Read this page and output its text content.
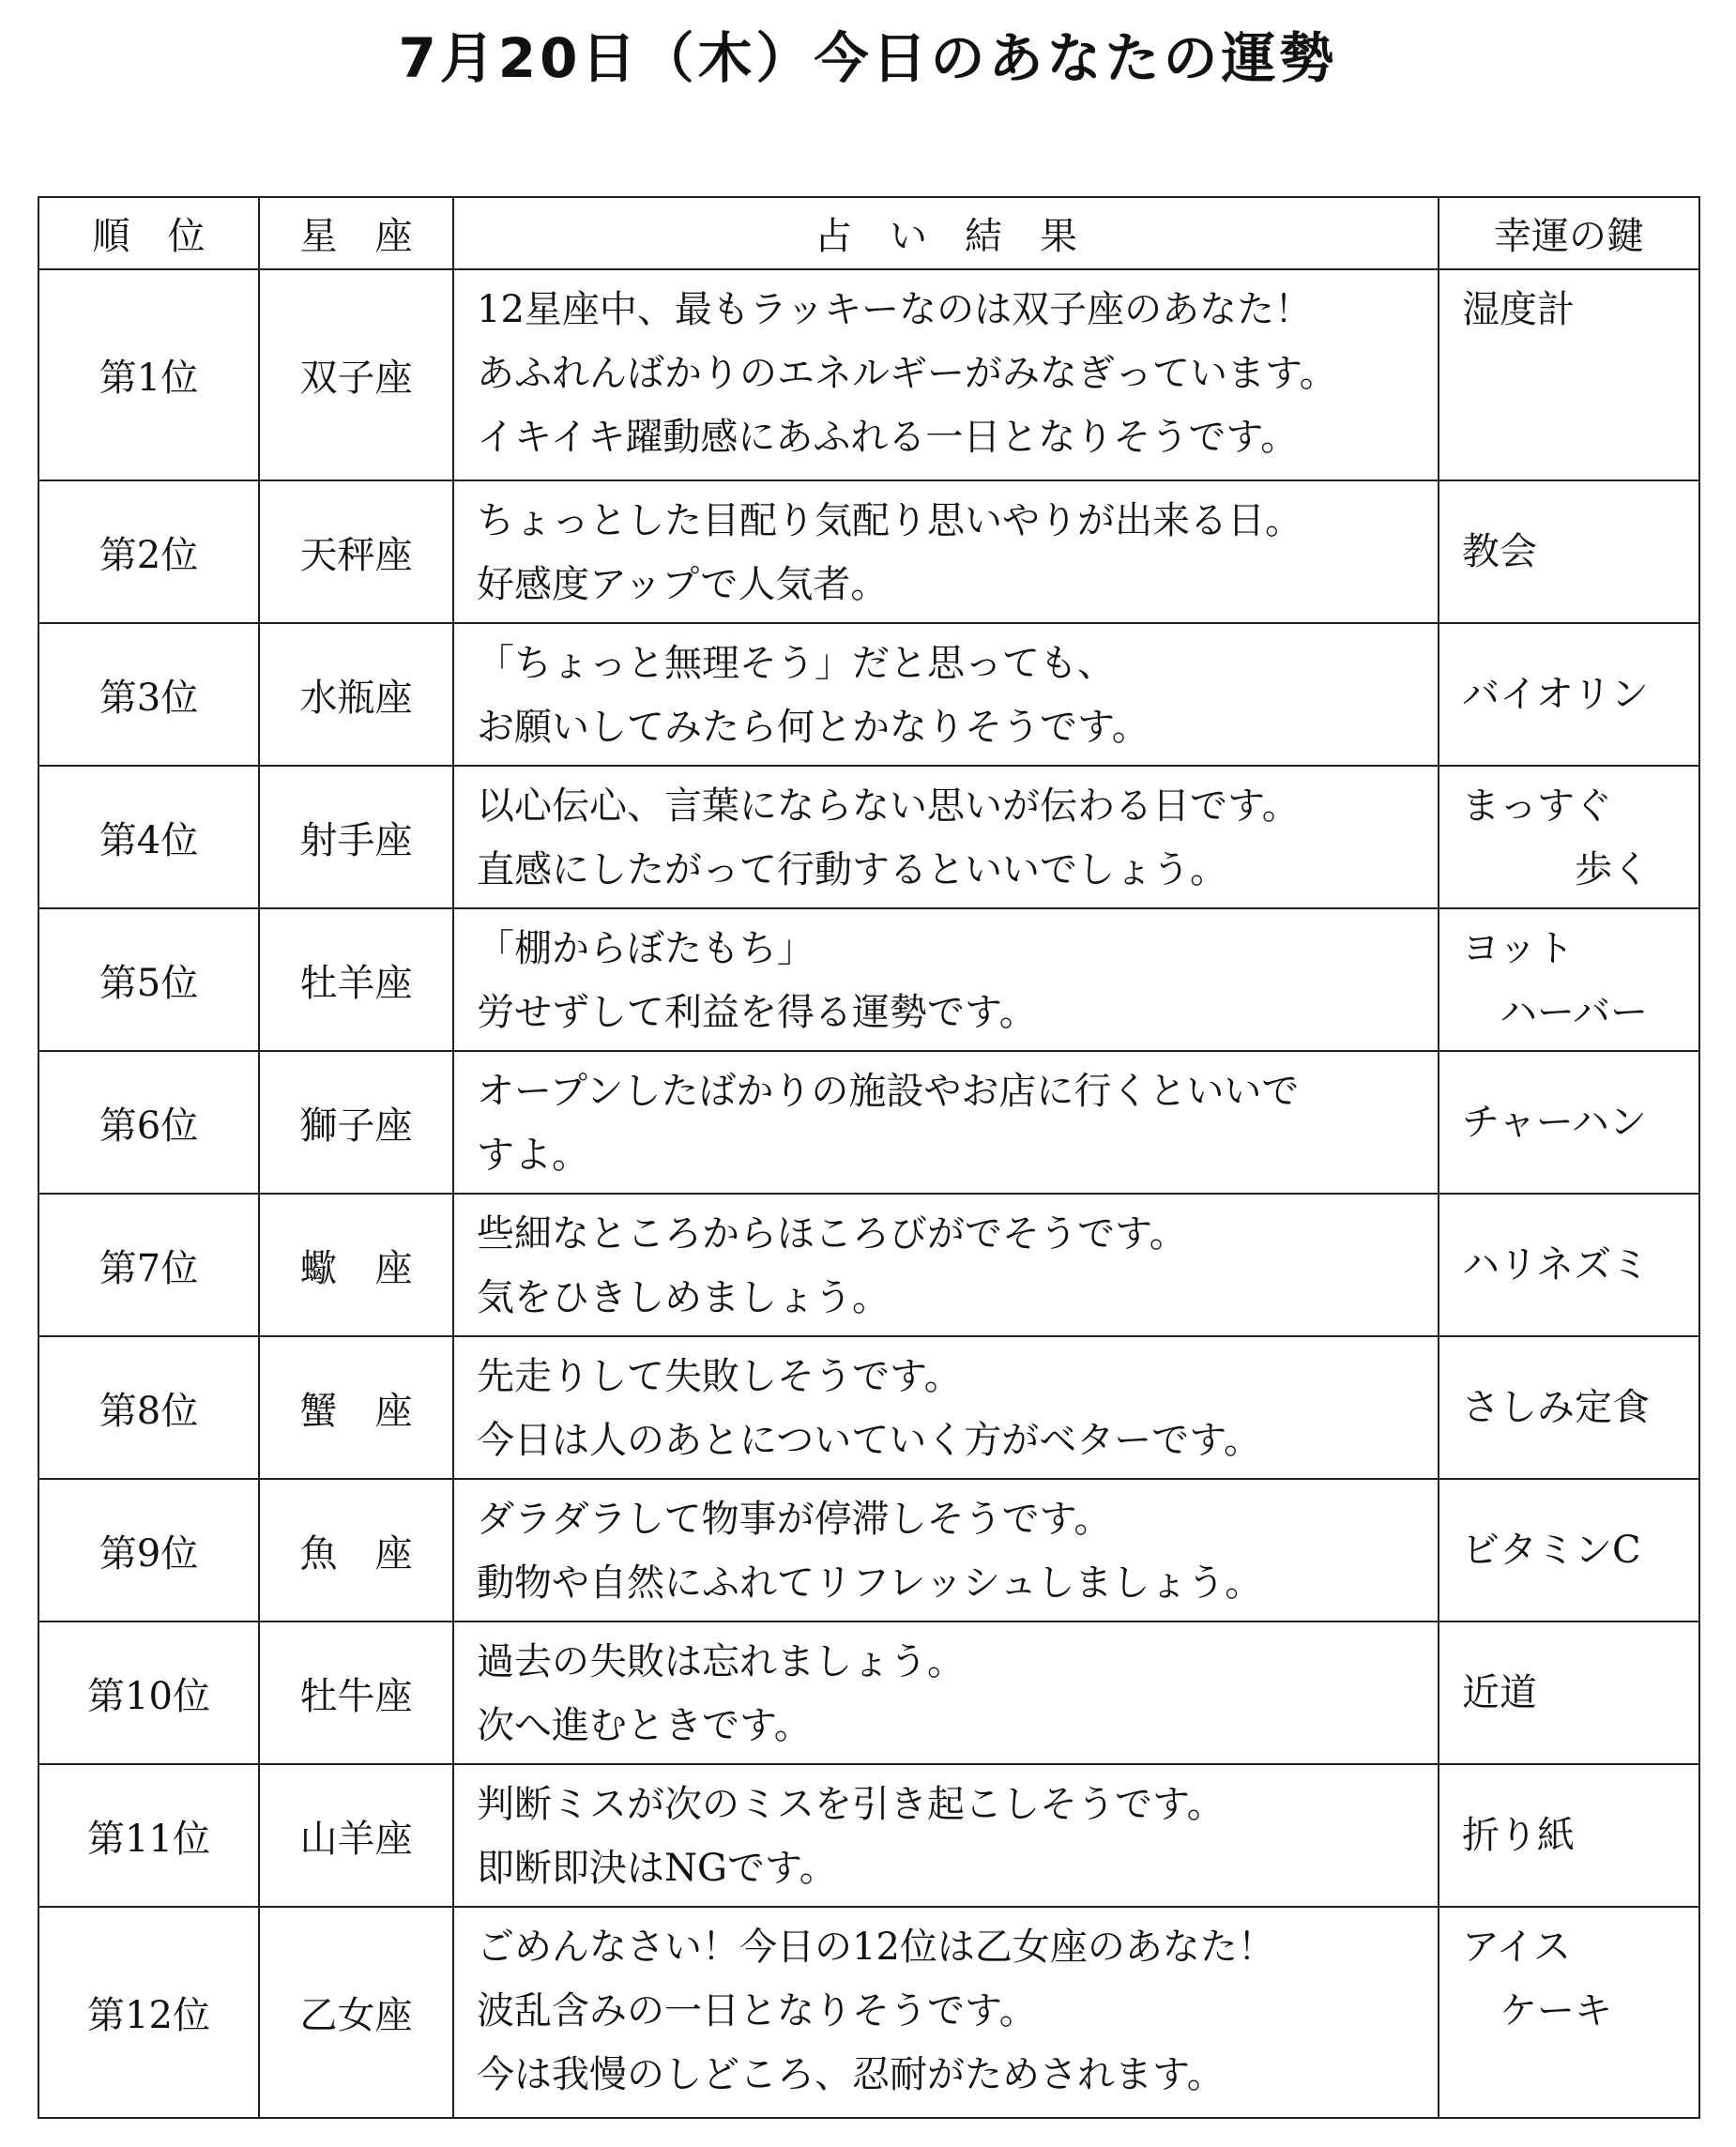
7月20日（木）今日のあなたの運勢
順　位	星　座	占　い　結　果	幸運の鍵
第1位	双子座	12星座中、最もラッキーなのは双子座のあなた！
あふれんばかりのエネルギーがみなぎっています。
イキイキ躍動感にあふれる一日となりそうです。	湿度計
第2位	天秤座	ちょっとした目配り気配り思いやりが出来る日。
好感度アップで人気者。	教会
第3位	水瓶座	「ちょっと無理そう」だと思っても、
お願いしてみたら何とかなりそうです。	バイオリン
第4位	射手座	以心伝心、言葉にならない思いが伝わる日です。
直感にしたがって行動するといいでしょう。	まっすぐ
　　　歩く
第5位	牡羊座	「棚からぼたもち」
労せずして利益を得る運勢です。	ヨット
　ハーバー
第6位	獅子座	オープンしたばかりの施設やお店に行くといいで
すよ。	チャーハン
第7位	蠍　座	些細なところからほころびがでそうです。
気をひきしめましょう。	ハリネズミ
第8位	蟹　座	先走りして失敗しそうです。
今日は人のあとについていく方がベターです。	さしみ定食
第9位	魚　座	ダラダラして物事が停滞しそうです。
動物や自然にふれてリフレッシュしましょう。	ビタミンC
第10位	牡牛座	過去の失敗は忘れましょう。
次へ進むときです。	近道
第11位	山羊座	判断ミスが次のミスを引き起こしそうです。
即断即決はNGです。	折り紙
第12位	乙女座	ごめんなさい！今日の12位は乙女座のあなた！
波乱含みの一日となりそうです。
今は我慢のしどころ、忍耐がためされます。	アイス
　ケーキ
